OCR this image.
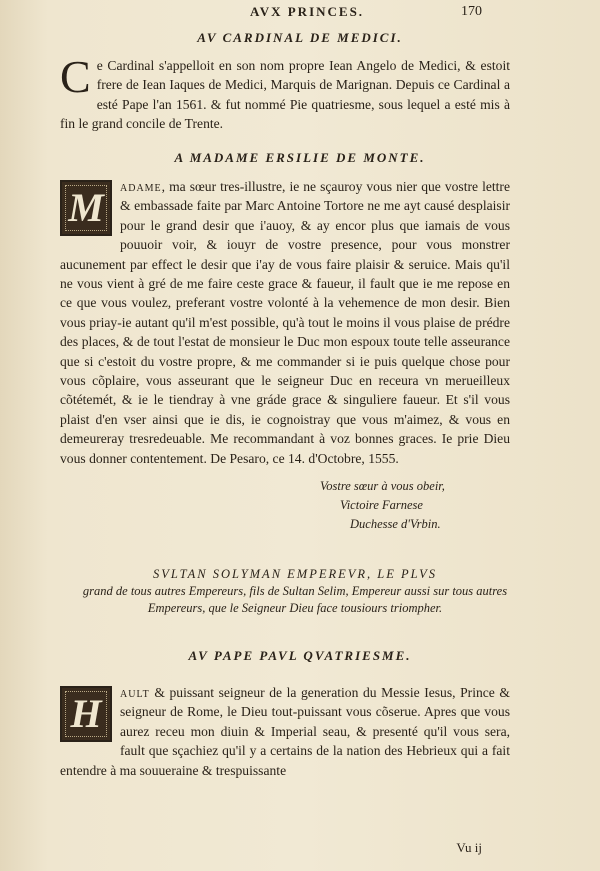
AVX PRINCES.	170
AV CARDINAL DE MEDICI.

Ce Cardinal s'appelloit en son nom propre Iean Angelo de Medici, & estoit frere de Iean Iaques de Medici, Marquis de Marignan. Depuis ce Cardinal a esté Pape l'an 1561. & fut nommé Pie quatriesme, sous lequel a esté mis à fin le grand concile de Trente.

A MADAME ERSILIE DE MONTE.

M	adame, ma sœur tres-illustre, ie ne sçauroy vous nier que vostre lettre & embassade faite par Marc Antoine Tortore ne me ayt causé desplaisir pour le grand desir que i'auoy, & ay encor plus que iamais de vous pouuoir voir, & iouyr de vostre presence, pour vous monstrer aucunement par effect le desir que i'ay de vous faire plaisir & seruice. Mais qu'il ne vous vient à gré de me faire ceste grace & faueur, il fault que ie me repose en ce que vous voulez, preferant vostre volonté à la vehemence de mon desir. Bien vous priay-ie autant qu'il m'est possible, qu'à tout le moins il vous plaise de prédre des places, & de tout l'estat de monsieur le Duc mon espoux toute telle asseurance que si c'estoit du vostre propre, & me commander si ie puis quelque chose pour vous cõplaire, vous asseurant que le seigneur Duc en receura vn merueilleux cõtétemét, & ie le tiendray à vne gráde grace & singuliere faueur. Et s'il vous plaist d'en vser ainsi que ie dis, ie cognoistray que vous m'aimez, & vous en demeureray tresredeuable. Me recommandant à voz bonnes graces. Ie prie Dieu vous donner contentement. De Pesaro, ce 14. d'Octobre, 1555.

Vostre sœur à vous obeir,
Victoire Farnese
Duchesse d'Vrbin.
SVLTAN SOLYMAN EMPEREVR, LE PLVS
grand de tous autres Empereurs, fils de Sultan Selim, Empereur aussi sur tous autres Empereurs, que le Seigneur Dieu face tousiours triompher.
AV PAPE PAVL QVATRIESME.

H	ault & puissant seigneur de la generation du Messie Iesus, Prince & seigneur de Rome, le Dieu tout-puissant vous cõserue. Apres que vous aurez receu mon diuin & Imperial seau, & presenté qu'il vous sera, fault que sçachiez qu'il y a certains de la nation des Hebrieux qui a fait entendre à ma souueraine & trespuissante

Vu ij
